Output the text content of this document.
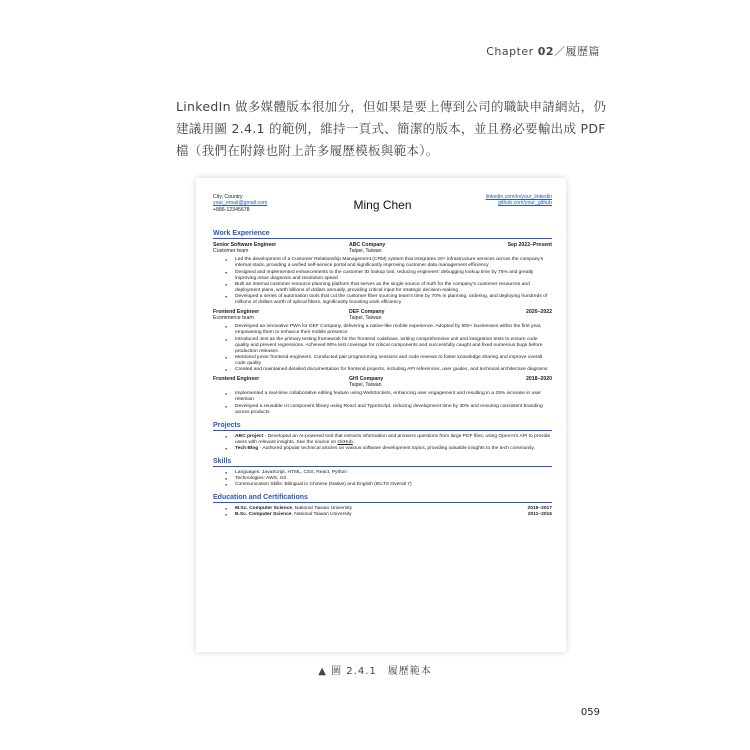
Chapter 02／履歷篇

LinkedIn 做多媒體版本很加分，但如果是要上傳到公司的職缺申請網站，仍建議用圖 2.4.1 的範例，維持一頁式、簡潔的版本，並且務必要輸出成 PDF 檔（我們在附錄也附上許多履歷模板與範本）。

City, Country
your_email@gmail.com
+886-12345678	Ming Chen
linkedin.com/in/your_linkedin
github.com/your_github
Work Experience
Senior Software Engineer	ABC Company	Sep 2022–Present
Customer team	Taipei, Taiwan
● Led the development of a Customer Relationship Management (CRM) system that integrates 20+ infrastructure services across the company's internal stack, providing a unified self-service portal and significantly improving customer data management efficiency
● Designed and implemented enhancements to the customer ID lookup tool, reducing engineers' debugging lookup time by 75% and greatly improving issue diagnosis and resolution speed
● Built an internal customer resource planning platform that serves as the single source of truth for the company's customer resources and deployment plans, worth billions of dollars annually, providing critical input for strategic decision-making
● Developed a series of automation tools that cut the customer fiber sourcing team's time by 70% in planning, ordering, and deploying hundreds of millions of dollars worth of optical fibers, significantly boosting work efficiency
Frontend Engineer	DEF Company	2020–2022
Ecommerce team	Taipei, Taiwan
● Developed an innovative PWA for DEF Company, delivering a native-like mobile experience. Adopted by 500+ businesses within the first year, empowering them to enhance their mobile presence
● Introduced Jest as the primary testing framework for the frontend codebase, writing comprehensive unit and integration tests to ensure code quality and prevent regressions. Achieved 90% test coverage for critical components and successfully caught and fixed numerous bugs before production releases.
● Mentored junior frontend engineers. Conducted pair programming sessions and code reviews to foster knowledge sharing and improve overall code quality
● Created and maintained detailed documentation for frontend projects, including API references, user guides, and technical architecture diagrams
Frontend Engineer	GHI Company	2018–2020
Taipei, Taiwan
● Implemented a real-time collaborative editing feature using WebSockets, enhancing user engagement and resulting in a 25% increase in user retention
● Developed a reusable UI component library using React and TypeScript, reducing development time by 30% and ensuring consistent branding across products
Projects
● ABC project - Developed an AI-powered tool that extracts information and answers questions from large PDF files, using OpenAI's API to provide users with relevant insights. See the source on GitHub.
● Tech Blog - Authored popular technical articles on various software development topics, providing valuable insights to the tech community.
Skills
● Languages: JavaScript, HTML, CSS, React, Python
● Technologies: AWS, Git
● Communication Skills: Bilingual in Chinese (Native) and English (IELTS Overall 7)
Education and Certifications
● M.Sc. Computer Science, National Taiwan University	2015–2017
● B.Sc. Computer Science, National Taiwan University	2011–2015
▲ 圖 2.4.1　履歷範本
059
